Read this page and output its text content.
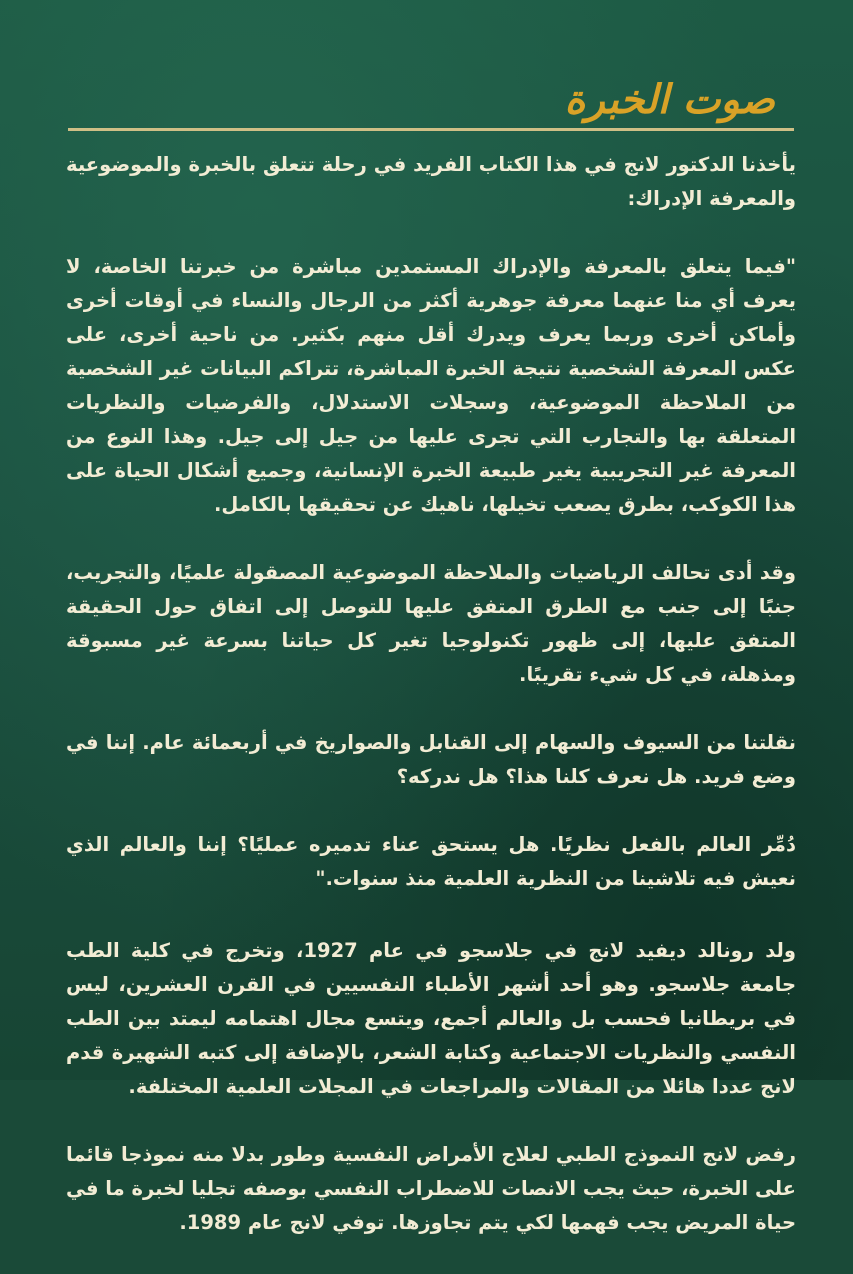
صوت الخبرة

يأخذنا الدكتور لانج في هذا الكتاب الفريد في رحلة تتعلق بالخبرة والموضوعية والمعرفة الإدراك:

"فيما يتعلق بالمعرفة والإدراك المستمدين مباشرة من خبرتنا الخاصة، لا يعرف أي منا عنهما معرفة جوهرية أكثر من الرجال والنساء في أوقات أخرى وأماكن أخرى وربما يعرف ويدرك أقل منهم بكثير. من ناحية أخرى، على عكس المعرفة الشخصية نتيجة الخبرة المباشرة، تتراكم البيانات غير الشخصية من الملاحظة الموضوعية، وسجلات الاستدلال، والفرضيات والنظريات المتعلقة بها والتجارب التي تجرى عليها من جيل إلى جيل. وهذا النوع من المعرفة غير التجريبية يغير طبيعة الخبرة الإنسانية، وجميع أشكال الحياة على هذا الكوكب، بطرق يصعب تخيلها، ناهيك عن تحقيقها بالكامل.

وقد أدى تحالف الرياضيات والملاحظة الموضوعية المصقولة علميًا، والتجريب، جنبًا إلى جنب مع الطرق المتفق عليها للتوصل إلى اتفاق حول الحقيقة المتفق عليها، إلى ظهور تكنولوجيا تغير كل حياتنا بسرعة غير مسبوقة ومذهلة، في كل شيء تقريبًا.

نقلتنا من السيوف والسهام إلى القنابل والصواريخ في أربعمائة عام. إننا في وضع فريد. هل نعرف كلنا هذا؟ هل ندركه؟

دُمِّر العالم بالفعل نظريًا. هل يستحق عناء تدميره عمليًا؟ إننا والعالم الذي نعيش فيه تلاشينا من النظرية العلمية منذ سنوات."

ولد رونالد ديفيد لانج في جلاسجو في عام 1927، وتخرج في كلية الطب جامعة جلاسجو. وهو أحد أشهر الأطباء النفسيين في القرن العشرين، ليس في بريطانيا فحسب بل والعالم أجمع، ويتسع مجال اهتمامه ليمتد بين الطب النفسي والنظريات الاجتماعية وكتابة الشعر، بالإضافة إلى كتبه الشهيرة قدم لانج عددا هائلا من المقالات والمراجعات في المجلات العلمية المختلفة.

رفض لانج النموذج الطبي لعلاج الأمراض النفسية وطور بدلا منه نموذجا قائما على الخبرة، حيث يجب الانصات للاضطراب النفسي بوصفه تجليا لخبرة ما في حياة المريض يجب فهمها لكي يتم تجاوزها. توفي لانج عام 1989.
